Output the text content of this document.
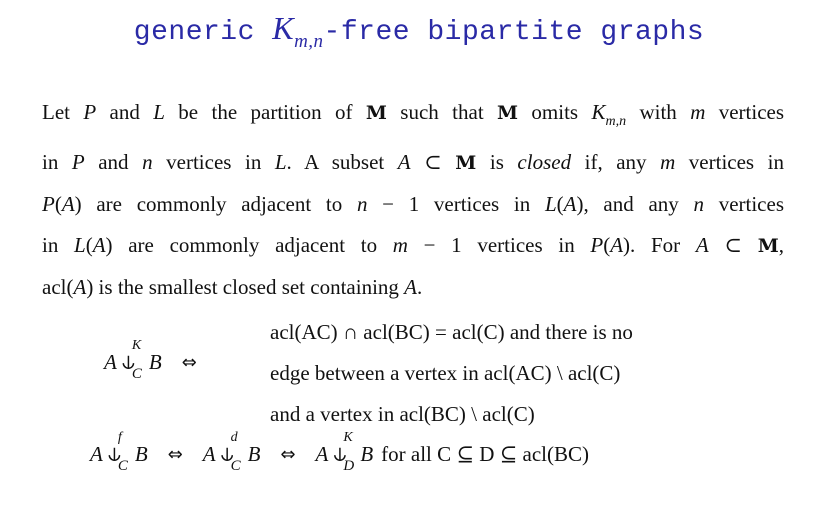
generic $K_{m,n}$-free bipartite graphs
Let P and L be the partition of M such that M omits $K_{m,n}$ with m vertices
in P and n vertices in L. A subset A ⊂ M is closed if, any m vertices in
P(A) are commonly adjacent to n − 1 vertices in L(A), and any n vertices
in L(A) are commonly adjacent to m − 1 vertices in P(A). For A ⊂ M,
acl(A) is the smallest closed set containing A.
A ⫝
K
C
B ⇔
acl(AC) ∩ acl(BC) = acl(C) and there is no
edge between a vertex in acl(AC) \ acl(C)
and a vertex in acl(BC) \ acl(C)
A ⫝
f
C
B ⇔ A ⫝
d
C
B ⇔ A ⫝
K
D
B for all C ⊆ D ⊆ acl(BC)
